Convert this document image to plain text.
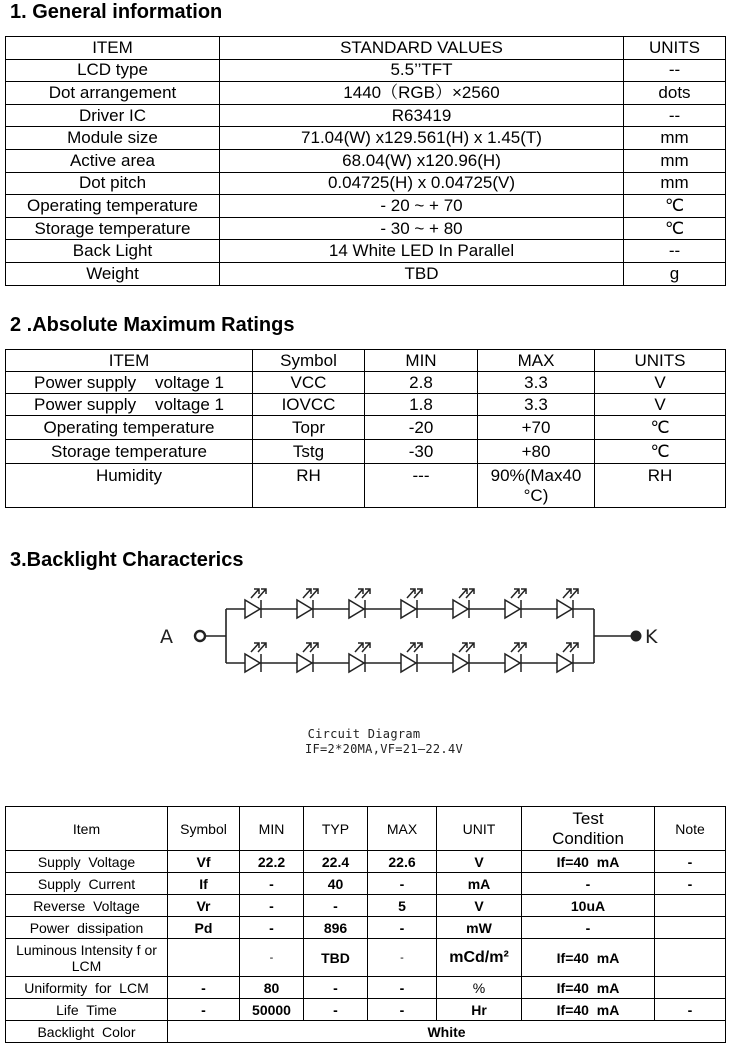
1. General information
ITEM	STANDARD VALUES	UNITS
LCD type	5.5’’TFT	--
Dot arrangement	1440（RGB）×2560	dots
Driver IC	R63419	--
Module size	71.04(W) x129.561(H) x 1.45(T)	mm
Active area	68.04(W) x120.96(H)	mm
Dot pitch	0.04725(H) x 0.04725(V)	mm
Operating temperature	- 20 ~ + 70	℃
Storage temperature	- 30 ~ + 80	℃
Back Light	14 White LED In Parallel	--
Weight	TBD	g
2 .Absolute Maximum Ratings
ITEM	Symbol	MIN	MAX	UNITS
Power supply    voltage 1	VCC	2.8	3.3	V
Power supply    voltage 1	IOVCC	1.8	3.3	V
Operating temperature	Topr	-20	+70	℃
Storage temperature	Tstg	-30	+80	℃
Humidity	RH	---	90%(Max40 °C)	RH
3.Backlight Characterics
A	K
Circuit Diagram
IF=2*20MA,VF=21—22.4V
Item	Symbol	MIN	TYP	MAX	UNIT	Test Condition	Note
Supply  Voltage	Vf	22.2	22.4	22.6	V	If=40  mA	-
Supply  Current	If	-	40	-	mA	-	-
Reverse  Voltage	Vr	-	-	5	V	10uA	
Power  dissipation	Pd	-	896	-	mW	-	
Luminous Intensity f or LCM		-	TBD	-	mCd/m²	If=40  mA	
Uniformity  for  LCM	-	80	-	-	%	If=40  mA	
Life  Time	-	50000	-	-	Hr	If=40  mA	-
Backlight  Color	White						
